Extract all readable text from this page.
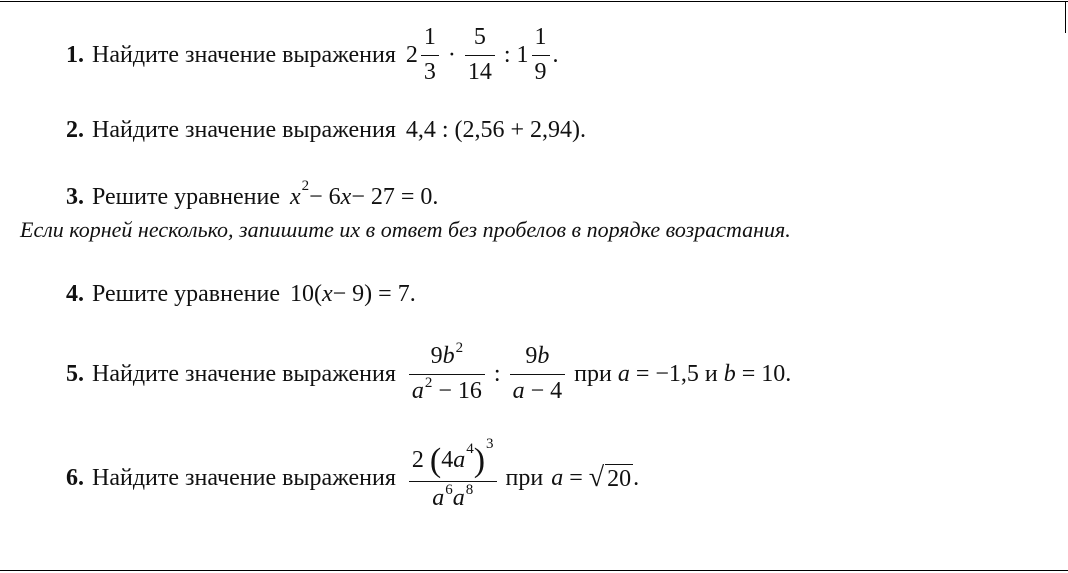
1. Найдите значение выражения $2 \frac{1}{3} \cdot \frac{5}{14}$ : $1 \frac{1}{9}$ .
2. Найдите значение выражения 4,4 : (2,56 + 2,94).
3. Решите уравнение x 2 − 6 x − 27 = 0.
Если корней несколько, запишите их в ответ без пробелов в порядке возрастания.
4. Решите уравнение 10( x − 9) = 7.
5. Найдите значение выражения $\frac{9b^2}{a^2 - 16}$ : $\frac{9b}{a - 4}$ при a = −1,5 и b = 10.
6. Найдите значение выражения 2
( 4 a 4 ) 3
$a^6a^8$ при a = √ 20 .
